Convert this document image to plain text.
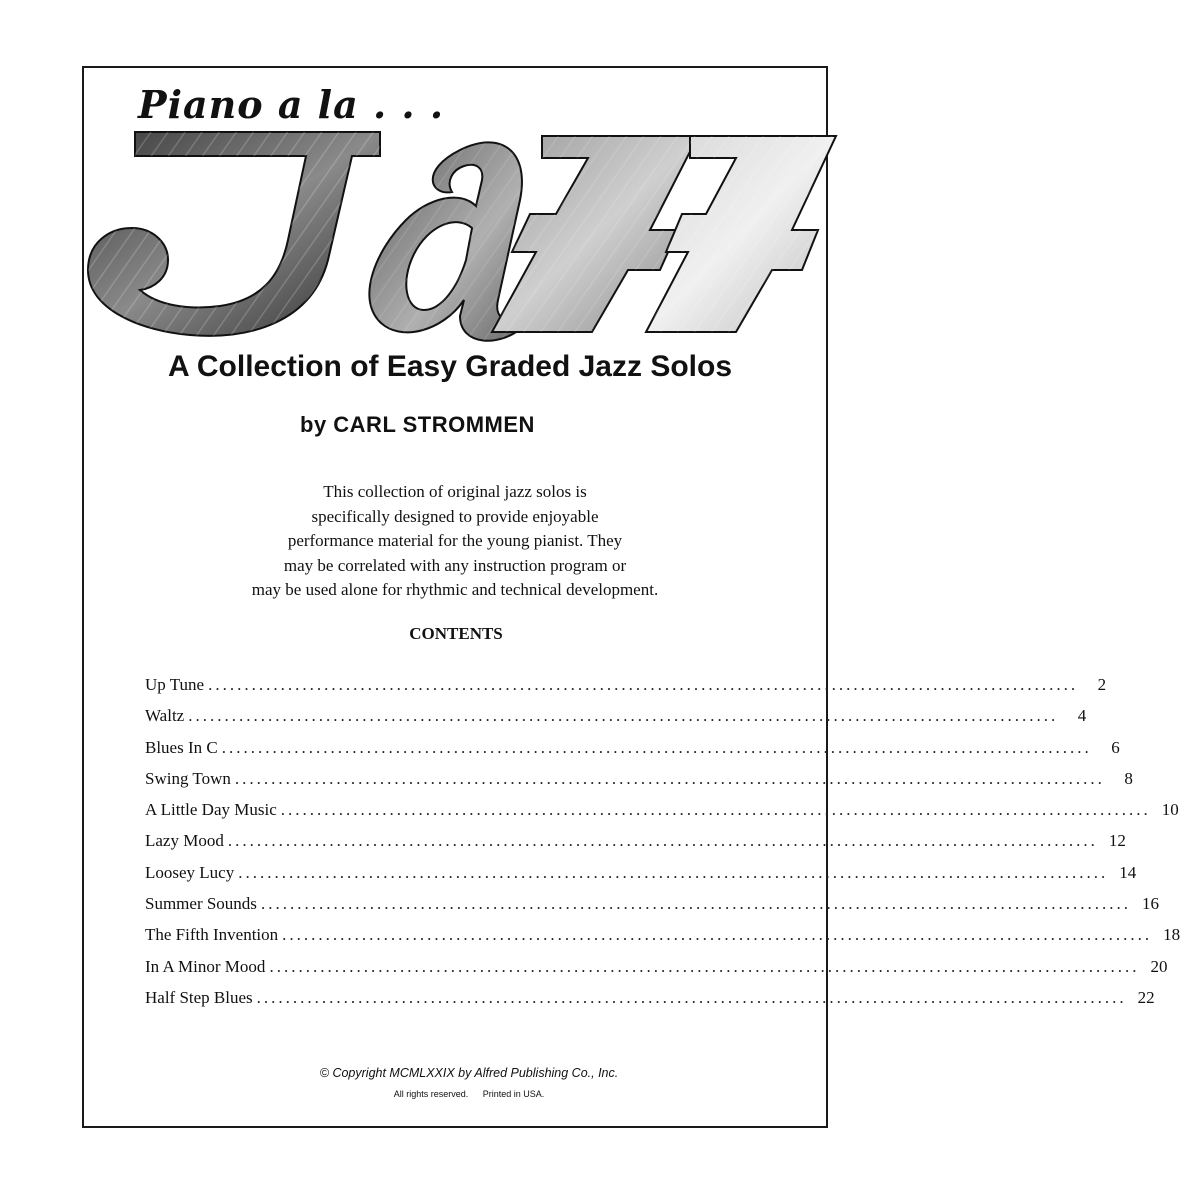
Piano a la . . .
A Collection of Easy Graded Jazz Solos
by CARL STROMMEN
This collection of original jazz solos is
specifically designed to provide enjoyable
performance material for the young pianist. They
may be correlated with any instruction program or
may be used alone for rhythmic and technical development.
CONTENTS
Up Tune ........................................................................................................................	2
Waltz ........................................................................................................................	4
Blues In C ........................................................................................................................	6
Swing Town ........................................................................................................................	8
A Little Day Music ........................................................................................................................ 10
Lazy Mood ........................................................................................................................ 12
Loosey Lucy ........................................................................................................................ 14
Summer Sounds ........................................................................................................................ 16
The Fifth Invention ........................................................................................................................ 18
In A Minor Mood ........................................................................................................................ 20
Half Step Blues ........................................................................................................................ 22
© Copyright MCMLXXIX by Alfred Publishing Co., Inc.
All rights reserved. Printed in USA.
